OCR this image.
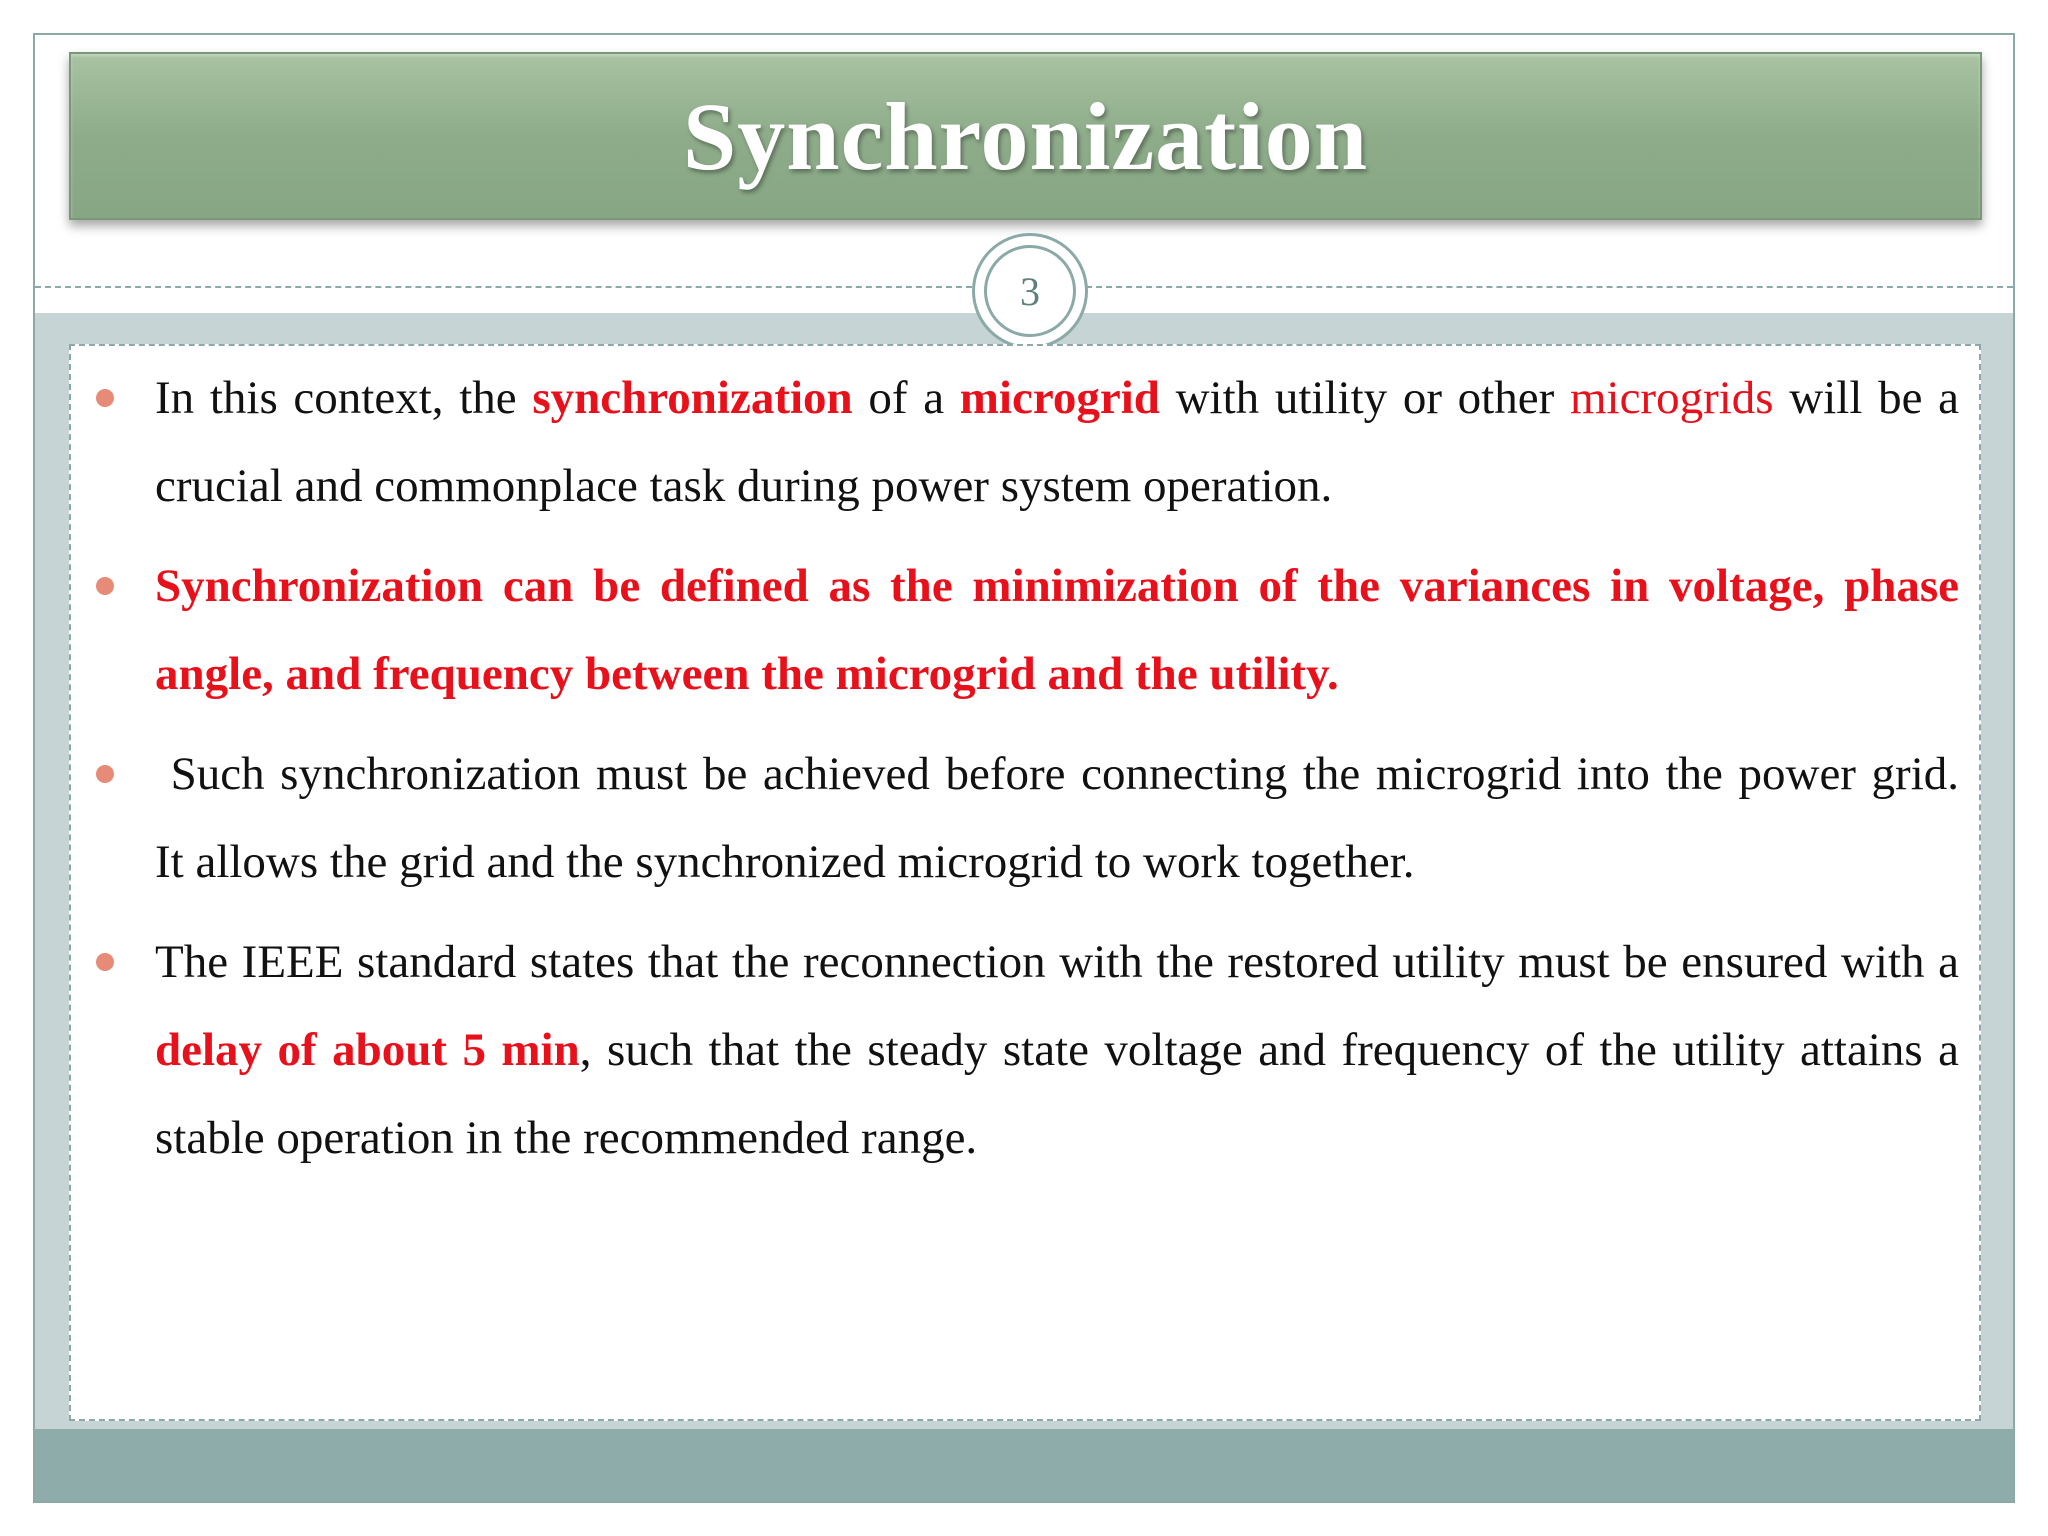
Synchronization
3
In this context, the synchronization of a microgrid with utility or other microgrids will be a crucial and commonplace task during power system operation.
Synchronization can be defined as the minimization of the variances in voltage, phase angle, and frequency between the microgrid and the utility.
Such synchronization must be achieved before connecting the microgrid into the power grid.  It allows the grid and the synchronized microgrid to work together.
The IEEE standard states that the reconnection with the restored utility must be ensured with a delay of about 5 min, such that the steady state voltage and frequency of the utility attains a stable operation in the recommended range.
